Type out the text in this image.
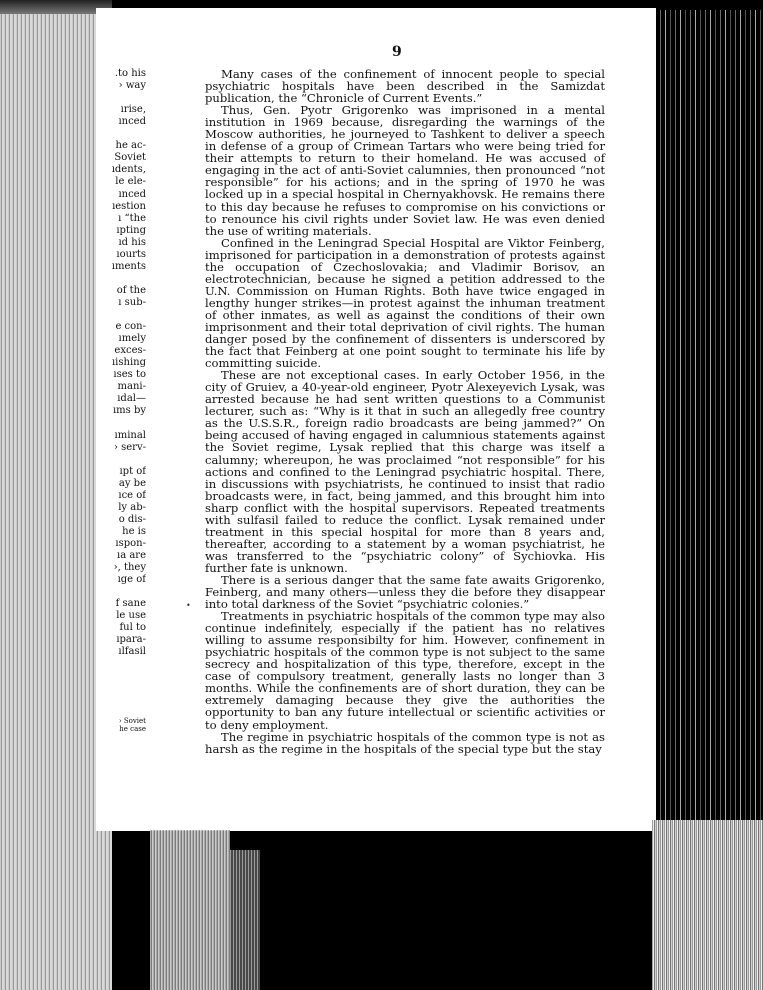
.to his
› way
ırise,
ınced
he ac-
Soviet
ıdents,
le ele-
ınced
ıestion
ı “the
ıpting
ıd his
ıourts
ıments
of the
ı sub-
e con-
ımely
exces-
ıishing
ıses to
mani-
ıdal—
ıms by
ıminal
› serv-
ıpt of
ay be
ıce of
ly ab-
o dis-
he is
ıspon-
ıa are
›, they
ıge of
f sane
le use
ful to
ıpara-
ılfasil
› Soviet
he case
9

Many cases of the confinement of innocent people to special psychiatric hospitals have been described in the Samizdat publication, the “Chronicle of Current Events.”

Thus, Gen. Pyotr Grigorenko was imprisoned in a mental institution in 1969 because, disregarding the warnings of the Moscow authorities, he journeyed to Tashkent to deliver a speech in defense of a group of Crimean Tartars who were being tried for their attempts to return to their homeland. He was accused of engaging in the act of anti-Soviet calumnies, then pronounced “not responsible” for his actions; and in the spring of 1970 he was locked up in a special hospital in Chernyakhovsk. He remains there to this day because he refuses to compromise on his convictions or to renounce his civil rights under Soviet law. He was even denied the use of writing materials.

Confined in the Leningrad Special Hospital are Viktor Feinberg, imprisoned for participation in a demonstration of protests against the occupation of Czechoslovakia; and Vladimir Borisov, an electrotechnician, because he signed a petition addressed to the U.N. Commission on Human Rights. Both have twice engaged in lengthy hunger strikes—in protest against the inhuman treatment of other inmates, as well as against the conditions of their own imprisonment and their total deprivation of civil rights. The human danger posed by the confinement of dissenters is underscored by the fact that Feinberg at one point sought to terminate his life by committing suicide.

These are not exceptional cases. In early October 1956, in the city of Gruiev, a 40-year-old engineer, Pyotr Alexeyevich Lysak, was arrested because he had sent written questions to a Communist lecturer, such as: “Why is it that in such an allegedly free country as the U.S.S.R., foreign radio broadcasts are being jammed?” On being accused of having engaged in calumnious statements against the Soviet regime, Lysak replied that this charge was itself a calumny; whereupon, he was proclaimed “not responsible” for his actions and confined to the Leningrad psychiatric hospital. There, in discussions with psychiatrists, he continued to insist that radio broadcasts were, in fact, being jammed, and this brought him into sharp conflict with the hospital supervisors. Repeated treatments with sulfasil failed to reduce the conflict. Lysak remained under treatment in this special hospital for more than 8 years and, thereafter, according to a statement by a woman psychiatrist, he was transferred to the “psychiatric colony” of Sychiovka. His further fate is unknown.

There is a serious danger that the same fate awaits Grigorenko, Feinberg, and many others—unless they die before they disappear into total darkness of the Soviet “psychiatric colonies.”

Treatments in psychiatric hospitals of the common type may also continue indefinitely, especially if the patient has no relatives willing to assume responsibilty for him. However, confinement in psychiatric hospitals of the common type is not subject to the same secrecy and hospitalization of this type, therefore, except in the case of compulsory treatment, generally lasts no longer than 3 months. While the confinements are of short duration, they can be extremely damaging because they give the authorities the opportunity to ban any future intellectual or scientific activities or to deny employment.

The regime in psychiatric hospitals of the common type is not as harsh as the regime in the hospitals of the special type but the stay

•
